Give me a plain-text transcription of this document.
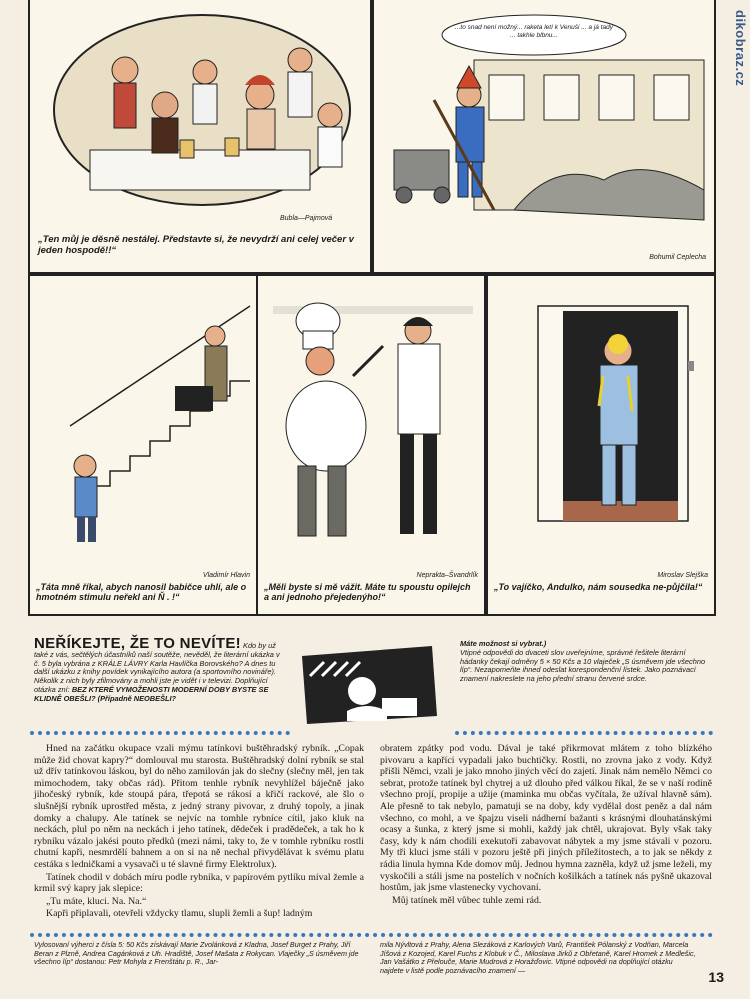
dikobraz.cz
Bubla—Pajmová
„Ten můj je děsně nestálej. Představte si, že nevydrží ani celej večer v jeden hospodě!!“
...to snad není možný... raketa letí k Venuši ... a já tady ... takhle blbnu...
Bohumil Ceplecha
Vladimír Hlavin
„Táta mně říkal, abych nanosil babičce uhlí, ale o hmotném stimulu neřekl ani Ň . !“
Neprakta–Švandrlík
„Měli byste si mě vážit. Máte tu spoustu opilejch a ani jednoho přejedenýho!“
Miroslav Slejška
„To vajíčko, Andulko, nám sousedka ne-půjčila!“
NEŘÍKEJTE, ŽE TO NEVÍTE! Kdo by už také z vás, sečtělých účastníků naší soutěže, nevěděl, že literární ukázka v č. 5 byla vybrána z KRÁLE LÁVRY Karla Havlíčka Borovského? A dnes tu další ukázku z knihy povídek vynikajícího autora (a sportovního novináře). Několik z nich byly zfilmovány a mohli jste je vidět i v televizi. Doplňující otázka zní: BEZ KTERÉ VYMOŽENOSTI MODERNÍ DOBY BYSTE SE KLIDNĚ OBEŠLI? (Případně NEOBEŠLI?
Máte možnost si vybrat.)
Vtipné odpovědi do dvaceti slov uveřejníme, správné řešitele literární hádanky čekají odměny 5 × 50 Kčs a 10 vlaječek „S úsměvem jde všechno líp“. Nezapomeňte ihned odeslat korespondenční lístek. Jako poznávací znamení nakreslete na jeho přední stranu červené srdce.

Hned na začátku okupace vzali mýmu tatínkovi buštěhradský rybník. „Copak může žid chovat kapry?“ domlouval mu starosta. Buštěhradský dolní rybník se stal už dřív tatínkovou láskou, byl do něho zamilován jak do slečny (slečny měl, jen tak mimochodem, taky občas rád). Přitom tenhle rybník nevyhlížel báječně jako jihočeský rybník, kde stoupá pára, třepotá se rákosí a křičí rackové, ale šlo o slušnější rybník uprostřed města, z jedný strany pivovar, z druhý topoly, a jinak domky a chalupy. Ale tatínek se nejvíc na tomhle rybníce cítil, jako kluk na neckách, plul po něm na neckách i jeho tatínek, dědeček i pradědeček, a tak ho k rybníku vázalo jakési pouto předků (mezi námi, taky to, že v tomhle rybníku rostli chutní kapři, nesmrdělí bahnem a on si na ně nechal přivydělávat k svému platu cestáka s ledničkami a vysavači u té slavné firmy Elektrolux).

Tatínek chodil v dobách míru podle rybníka, v papírovém pytlíku míval žemle a krmil svý kapry jak slepice:

„Tu máte, kluci. Na. Na.“

Kapři připlavali, otevřeli vždycky tlamu, slupli žemli a šup! ladným

obratem zpátky pod vodu. Dával je také přikrmovat mlátem z toho blízkého pivovaru a kapříci vypadali jako buchtičky. Rostli, no zrovna jako z vody. Když přišli Němci, vzali je jako mnoho jiných věcí do zajetí. Jinak nám nemělo Němci co sebrat, protože tatínek byl chytrej a už dlouho před válkou říkal, že se v naší rodině všechno projí, propije a užije (maminka mu občas vyčítala, že užíval hlavně sám). Ale přesně to tak nebylo, pamatuji se na doby, kdy vydělal dost peněz a dal nám všechno, co mohl, a ve špajzu viseli nádherní bažanti s krásnými dlouhatánskými ocasy a šunka, z který jsme si mohli, každý jak chtěl, ukrajovat. Byly však taky časy, kdy k nám chodili exekutoři zabavovat nábytek a my jsme stávali v pozoru. My tři kluci jsme stáli v pozoru ještě při jiných příležitostech, a to jak se někdy z rádia linula hymna Kde domov můj. Jednou hymna zazněla, když už jsme leželi, my vyskočili a stáli jsme na postelích v nočních košilkách a tatínek nás pyšně ukazoval hostům, jak jsme vlastenecky vychovaní.

Můj tatínek měl vůbec tuhle zemi rád.

Vylosovaní výherci z čísla 5: 50 Kčs získávají Marie Zvolánková z Kladna, Josef Burget z Prahy, Jiří Beran z Plzně, Andrea Cagánková z Uh. Hradiště, Josef Mašata z Rokycan. Vlaječky „S úsměvem jde všechno líp“ dostanou: Petr Mohyla z Frenštátu p. R., Jar-
mila Nývltová z Prahy, Alena Slezáková z Karlových Varů, František Pólanský z Vodňan, Marcela Jíšová z Kozojed, Karel Fuchs z Klobuk v Č., Miloslava Jirků z Obřetaně, Karel Hromek z Medlešic, Jan Vašátko z Přelouče, Marie Mudrová z Horažďovic. Vtipné odpovědi na doplňující otázku najdete v listě podle poznávacího znamení —	13
